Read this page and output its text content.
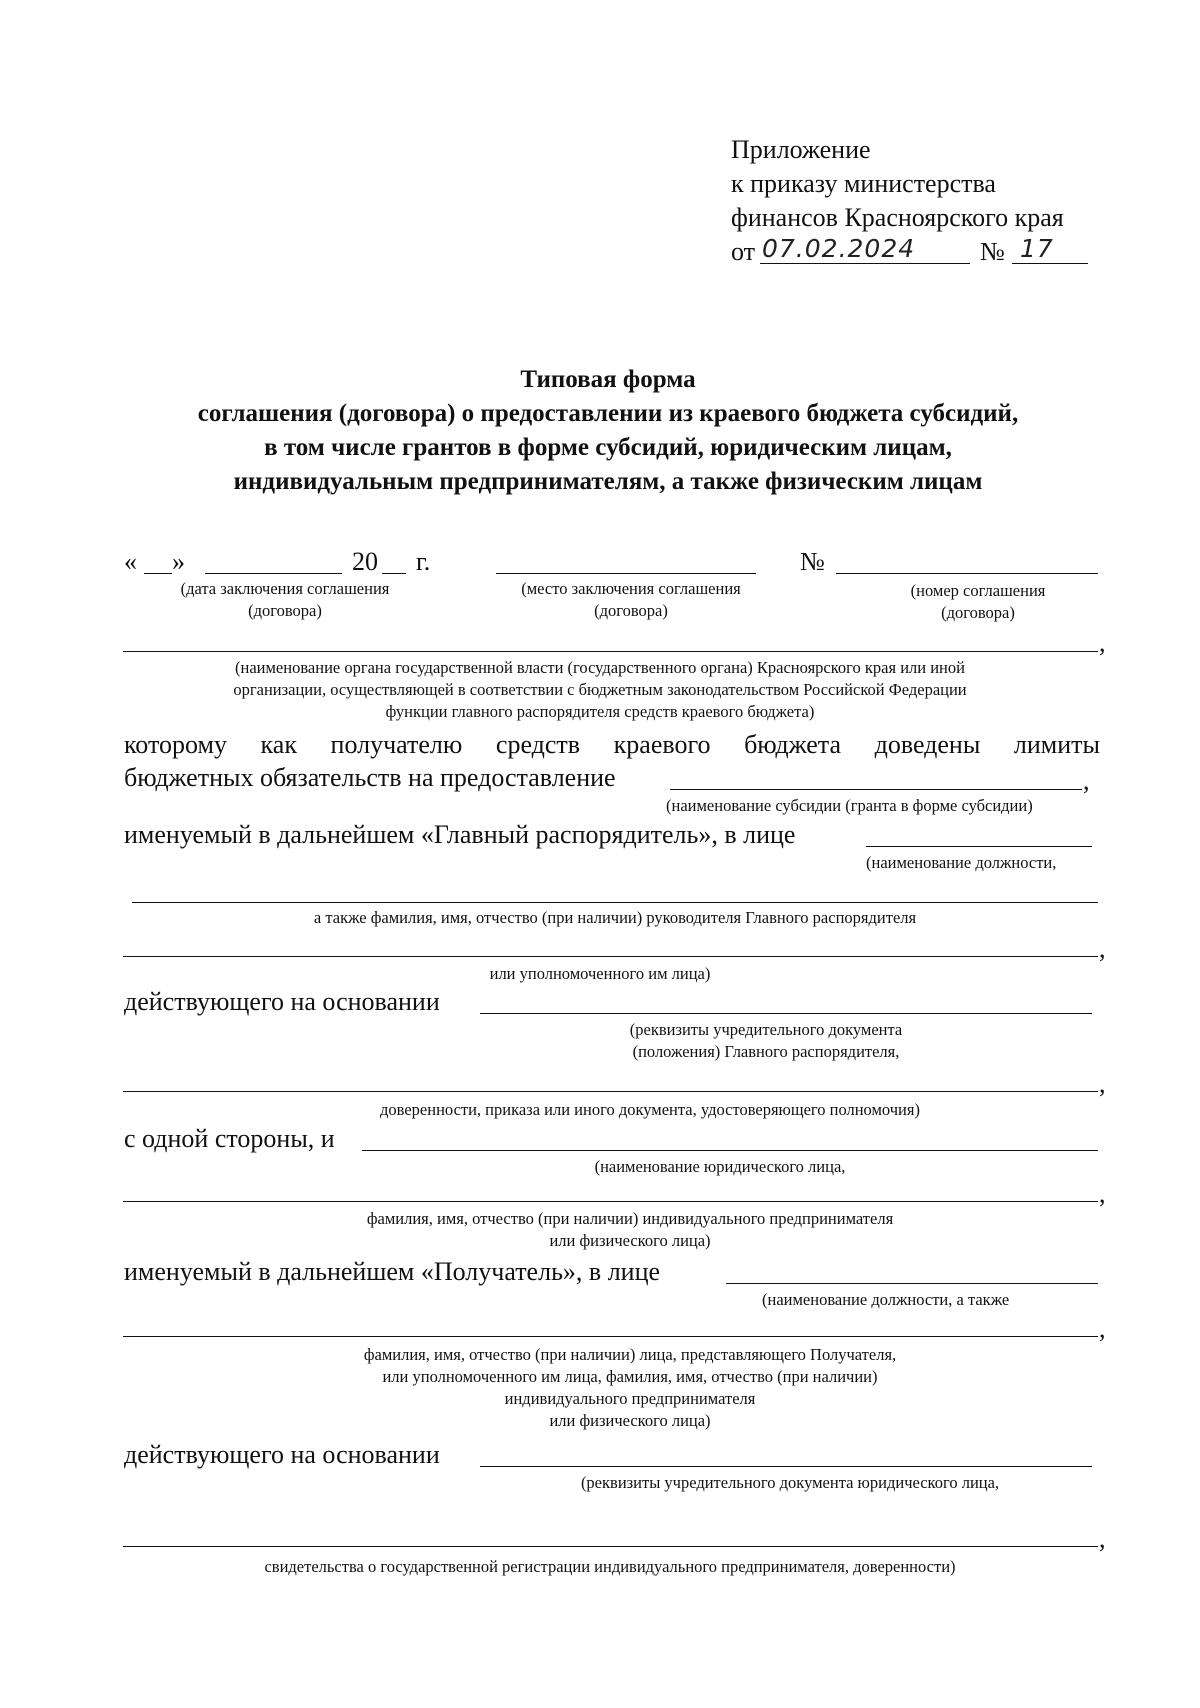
Приложение
к приказу министерства
финансов Красноярского края
от 07.02.2024 № 17
Типовая форма
соглашения (договора) о предоставлении из краевого бюджета субсидий,
в том числе грантов в форме субсидий, юридическим лицам,
индивидуальным предпринимателям, а также физическим лицам
« »	20 г.	№
(дата заключения соглашения
(договора)
(место заключения соглашения
(договора)
(номер соглашения
(договора)
,
(наименование органа государственной власти (государственного органа) Красноярского края или иной
организации, осуществляющей в соответствии с бюджетным законодательством Российской Федерации
функции главного распорядителя средств краевого бюджета)
которому как получателю средств краевого бюджета доведены лимиты
бюджетных обязательств на предоставление	,
(наименование субсидии (гранта в форме субсидии)
именуемый в дальнейшем «Главный распорядитель», в лице
(наименование должности,
а также фамилия, имя, отчество (при наличии) руководителя Главного распорядителя
,
или уполномоченного им лица)
действующего на основании
(реквизиты учредительного документа
(положения) Главного распорядителя,
,
доверенности, приказа или иного документа, удостоверяющего полномочия)
с одной стороны, и
(наименование юридического лица,
,
фамилия, имя, отчество (при наличии) индивидуального предпринимателя
или физического лица)
именуемый в дальнейшем «Получатель», в лице
(наименование должности, а также
,
фамилия, имя, отчество (при наличии) лица, представляющего Получателя,
или уполномоченного им лица, фамилия, имя, отчество (при наличии)
индивидуального предпринимателя
или физического лица)
действующего на основании
(реквизиты учредительного документа юридического лица,
,
свидетельства о государственной регистрации индивидуального предпринимателя, доверенности)
